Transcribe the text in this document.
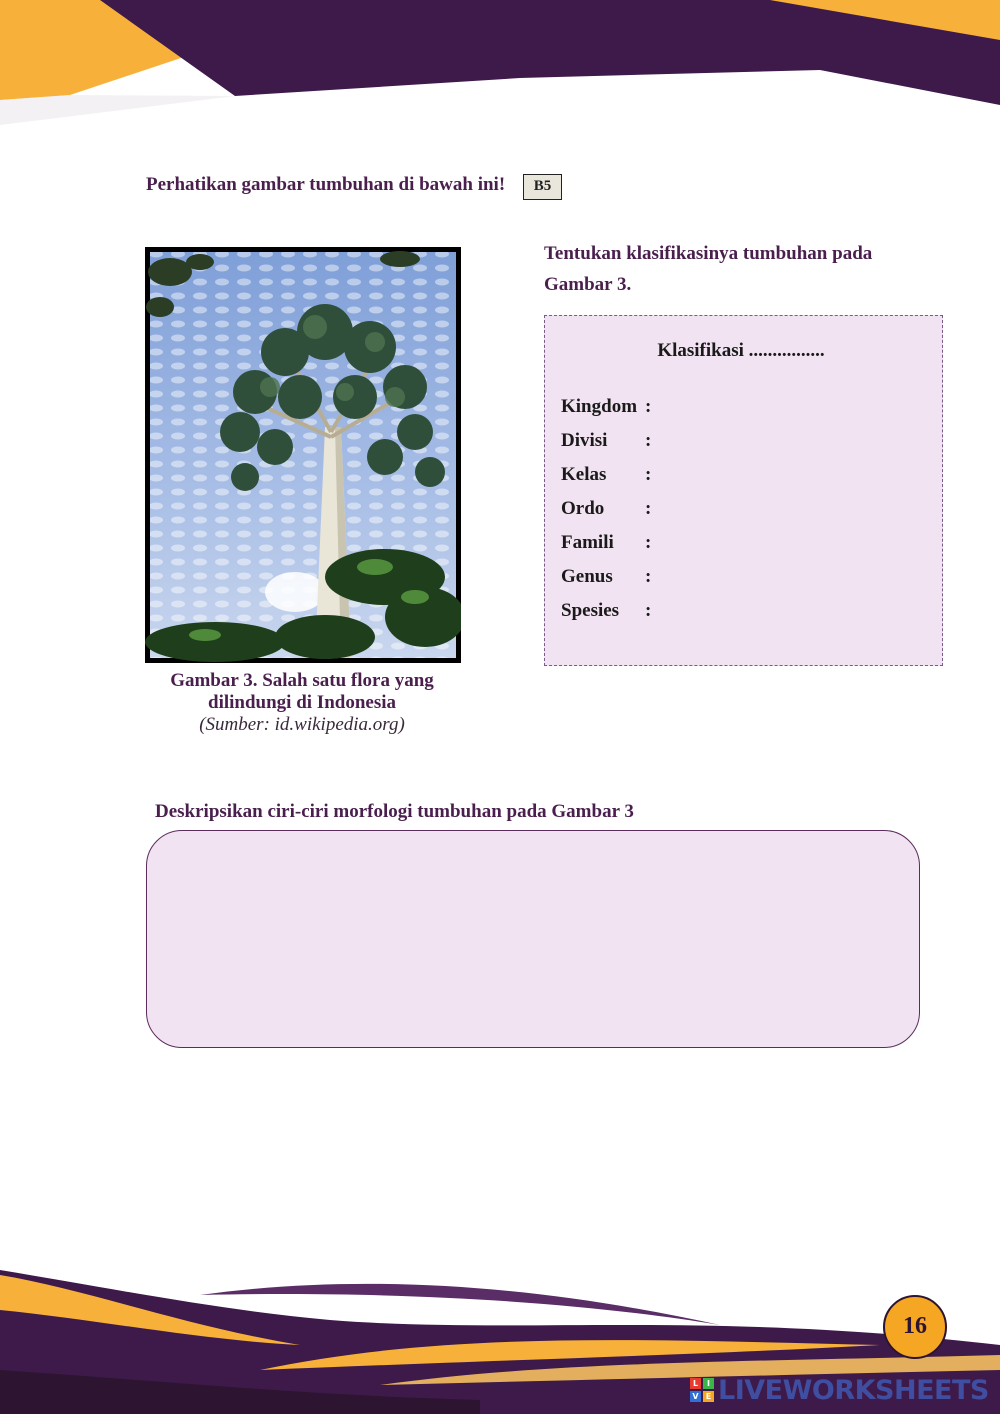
Perhatikan gambar tumbuhan di bawah ini!	B5
Gambar 3. Salah satu flora yang
dilindungi di Indonesia
(Sumber: id.wikipedia.org)
Tentukan klasifikasinya tumbuhan pada
Gambar 3.
Klasifikasi ................
Kingdom :
Divisi :
Kelas :
Ordo :
Famili :
Genus :
Spesies :
Deskripsikan ciri-ciri morfologi tumbuhan pada Gambar 3
16
L	I
V E LIVEWORKSHEETS
